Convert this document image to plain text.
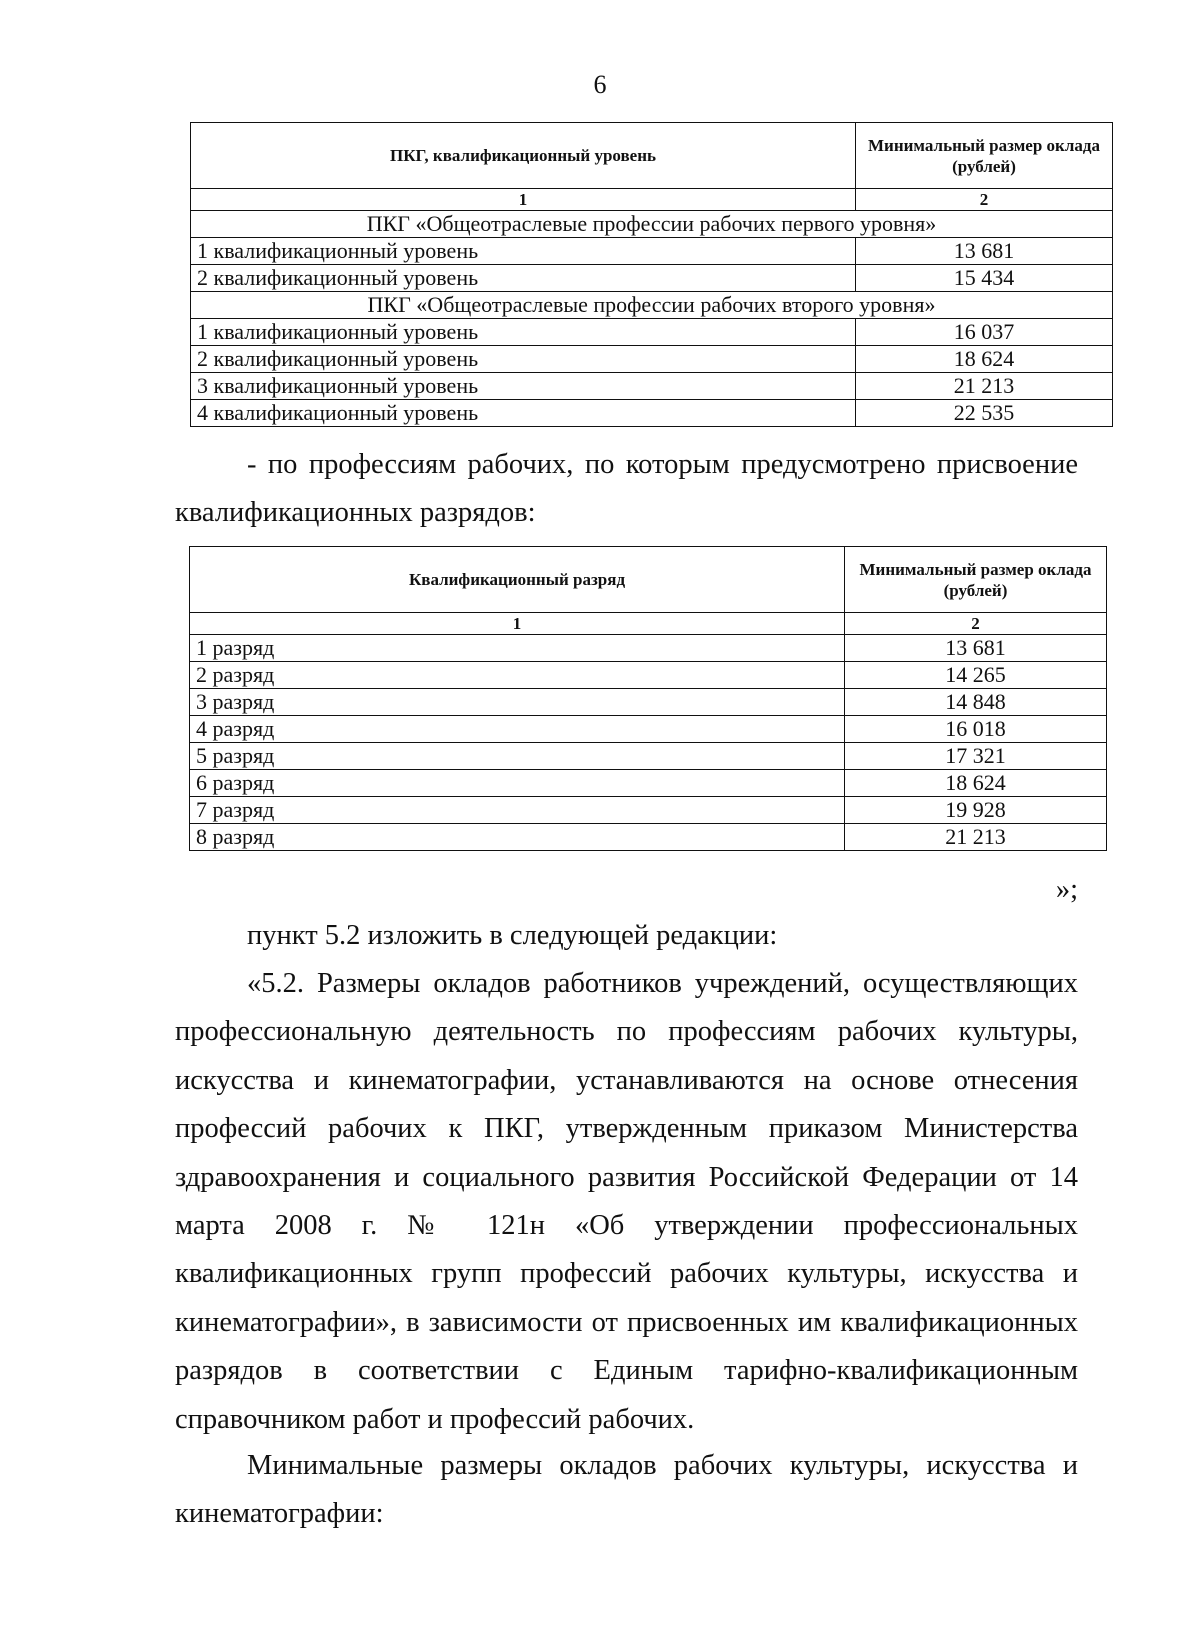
6
ПКГ, квалификационный уровень	Минимальный размер оклада (рублей)
1	2
ПКГ «Общеотраслевые профессии рабочих первого уровня»	
1 квалификационный уровень	13 681
2 квалификационный уровень	15 434
ПКГ «Общеотраслевые профессии рабочих второго уровня»	
1 квалификационный уровень	16 037
2 квалификационный уровень	18 624
3 квалификационный уровень	21 213
4 квалификационный уровень	22 535

- по профессиям рабочих, по которым предусмотрено присвоение квалификационных разрядов:

Квалификационный разряд	Минимальный размер оклада (рублей)
1	2
1 разряд	13 681
2 разряд	14 265
3 разряд	14 848
4 разряд	16 018
5 разряд	17 321
6 разряд	18 624
7 разряд	19 928
8 разряд	21 213

»;

пункт 5.2 изложить в следующей редакции:

«5.2. Размеры окладов работников учреждений, осуществляющих профессиональную деятельность по профессиям рабочих культуры, искусства и кинематографии, устанавливаются на основе отнесения профессий рабочих к ПКГ, утвержденным приказом Министерства здравоохранения и социального развития Российской Федерации от 14 марта 2008 г. № 121н «Об утверждении профессиональных квалификационных групп профессий рабочих культуры, искусства и кинематографии», в зависимости от присвоенных им квалификационных разрядов в соответствии с Единым тарифно-квалификационным справочником работ и профессий рабочих.

Минимальные размеры окладов рабочих культуры, искусства и кинематографии:
